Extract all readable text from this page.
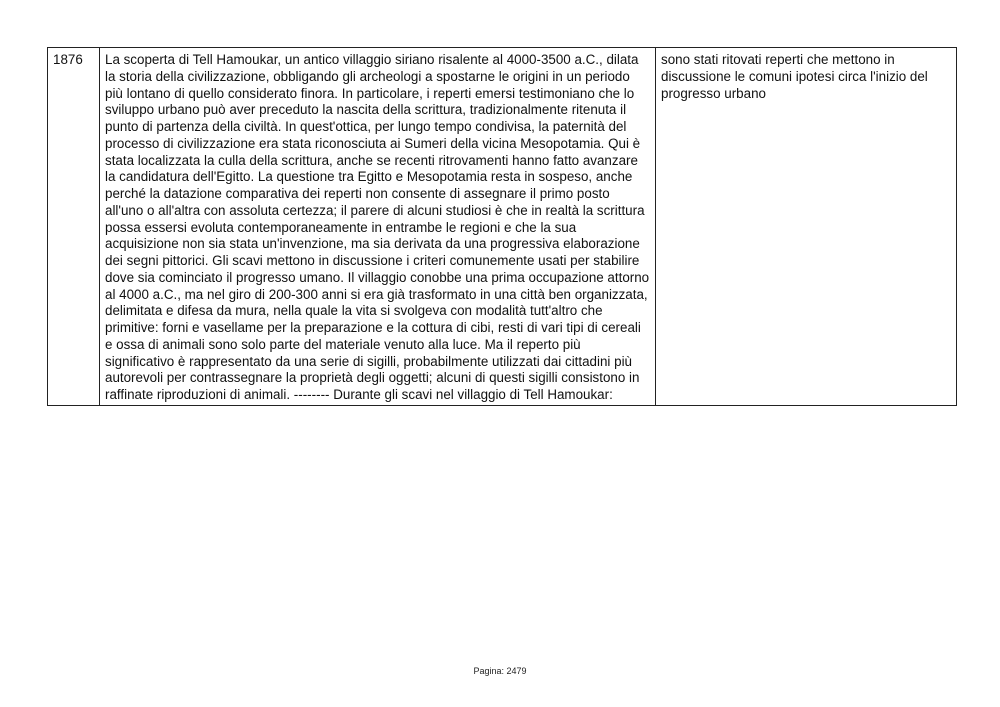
1876	La scoperta di Tell Hamoukar, un antico villaggio siriano risalente al 4000-3500 a.C., dilata la storia della civilizzazione, obbligando gli archeologi a spostarne le origini in un periodo più lontano di quello considerato finora. In particolare, i reperti emersi testimoniano che lo sviluppo urbano può aver preceduto la nascita della scrittura, tradizionalmente ritenuta il punto di partenza della civiltà. In quest'ottica, per lungo tempo condivisa, la paternità del processo di civilizzazione era stata riconosciuta ai Sumeri della vicina Mesopotamia. Qui è stata localizzata la culla della scrittura, anche se recenti ritrovamenti hanno fatto avanzare la candidatura dell'Egitto. La questione tra Egitto e Mesopotamia resta in sospeso, anche perché la datazione comparativa dei reperti non consente di assegnare il primo posto all'uno o all'altra con assoluta certezza; il parere di alcuni studiosi è che in realtà la scrittura possa essersi evoluta contemporaneamente in entrambe le regioni e che la sua acquisizione non sia stata un'invenzione, ma sia derivata da una progressiva elaborazione dei segni pittorici. Gli scavi mettono in discussione i criteri comunemente usati per stabilire dove sia cominciato il progresso umano. Il villaggio conobbe una prima occupazione attorno al 4000 a.C., ma nel giro di 200-300 anni si era già trasformato in una città ben organizzata, delimitata e difesa da mura, nella quale la vita si svolgeva con modalità tutt'altro che primitive: forni e vasellame per la preparazione e la cottura di cibi, resti di vari tipi di cereali e ossa di animali sono solo parte del materiale venuto alla luce. Ma il reperto più significativo è rappresentato da una serie di sigilli, probabilmente utilizzati dai cittadini più autorevoli per contrassegnare la proprietà degli oggetti; alcuni di questi sigilli consistono in raffinate riproduzioni di animali. -------- Durante gli scavi nel villaggio di Tell Hamoukar:	sono stati ritovati reperti che mettono in discussione le comuni ipotesi circa l'inizio del progresso urbano
Pagina: 2479
